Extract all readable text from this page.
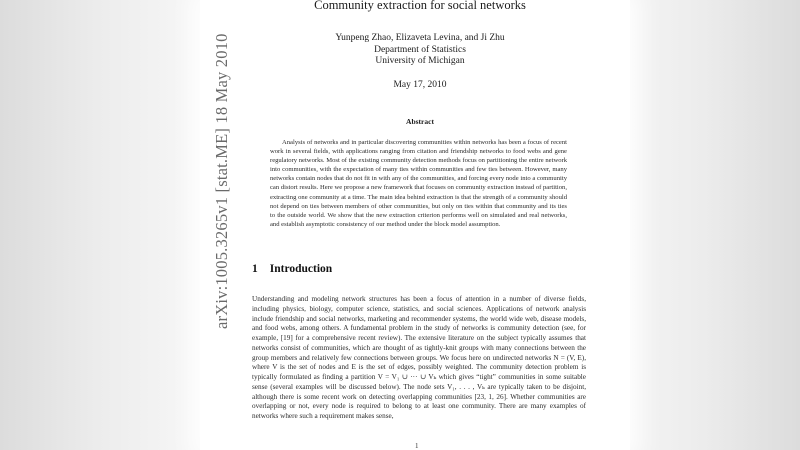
arXiv:1005.3265v1 [stat.ME] 18 May 2010
Community extraction for social networks
Yunpeng Zhao, Elizaveta Levina, and Ji Zhu
Department of Statistics
University of Michigan
May 17, 2010
Abstract
Analysis of networks and in particular discovering communities within networks has been a focus of recent work in several fields, with applications ranging from citation and friendship networks to food webs and gene regulatory networks. Most of the existing community detection methods focus on partitioning the entire network into communities, with the expectation of many ties within communities and few ties between. However, many networks contain nodes that do not fit in with any of the communities, and forcing every node into a community can distort results. Here we propose a new framework that focuses on community extraction instead of partition, extracting one community at a time. The main idea behind extraction is that the strength of a community should not depend on ties between members of other communities, but only on ties within that community and its ties to the outside world. We show that the new extraction criterion performs well on simulated and real networks, and establish asymptotic consistency of our method under the block model assumption.
1 Introduction
Understanding and modeling network structures has been a focus of attention in a number of diverse fields, including physics, biology, computer science, statistics, and social sciences. Applications of network analysis include friendship and social networks, marketing and recommender systems, the world wide web, disease models, and food webs, among others. A fundamental problem in the study of networks is community detection (see, for example, [19] for a comprehensive recent review). The extensive literature on the subject typically assumes that networks consist of communities, which are thought of as tightly-knit groups with many connections between the group members and relatively few connections between groups. We focus here on undirected networks N = (V, E), where V is the set of nodes and E is the set of edges, possibly weighted. The community detection problem is typically formulated as finding a partition V = V₁ ∪ ··· ∪ Vₖ which gives “tight” communities in some suitable sense (several examples will be discussed below). The node sets V₁, . . . , Vₖ are typically taken to be disjoint, although there is some recent work on detecting overlapping communities [23, 1, 26]. Whether communities are overlapping or not, every node is required to belong to at least one community. There are many examples of networks where such a requirement makes sense,
1
